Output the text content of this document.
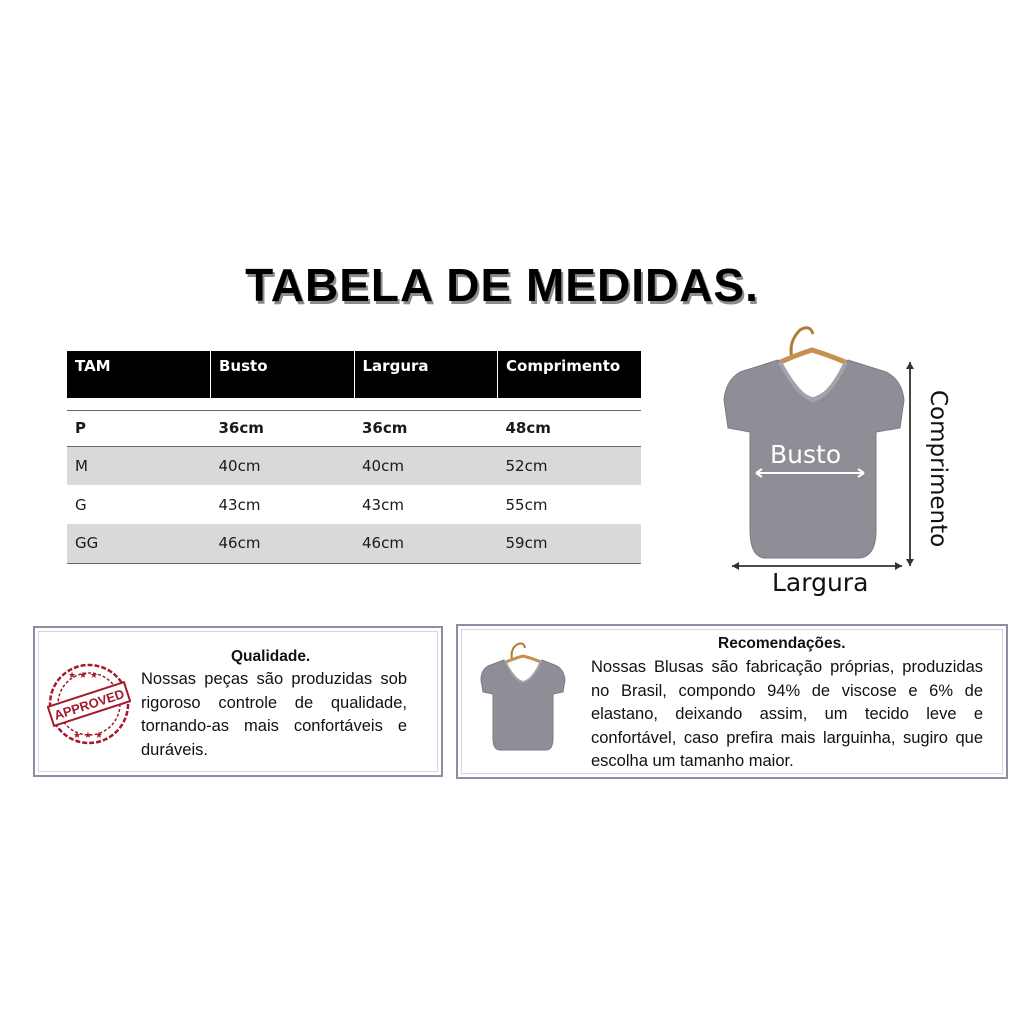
TABELA DE MEDIDAS.
TAM	Busto	Largura	Comprimento

P	36cm	36cm	48cm
M	40cm	40cm	52cm
G	43cm	43cm	55cm
GG	46cm	46cm	59cm
Busto
Largura
Comprimento
★ ★ ★
★ ★ ★
APPROVED
Qualidade.
Nossas peças são produzidas sob rigoroso controle de qualidade, tornando-as mais confortáveis e duráveis.
Recomendações.
Nossas Blusas são fabricação próprias, produzidas no Brasil, compondo 94% de viscose e 6% de elastano, deixando assim, um tecido leve e confortável, caso prefira mais larguinha, sugiro que escolha um tamanho maior.
